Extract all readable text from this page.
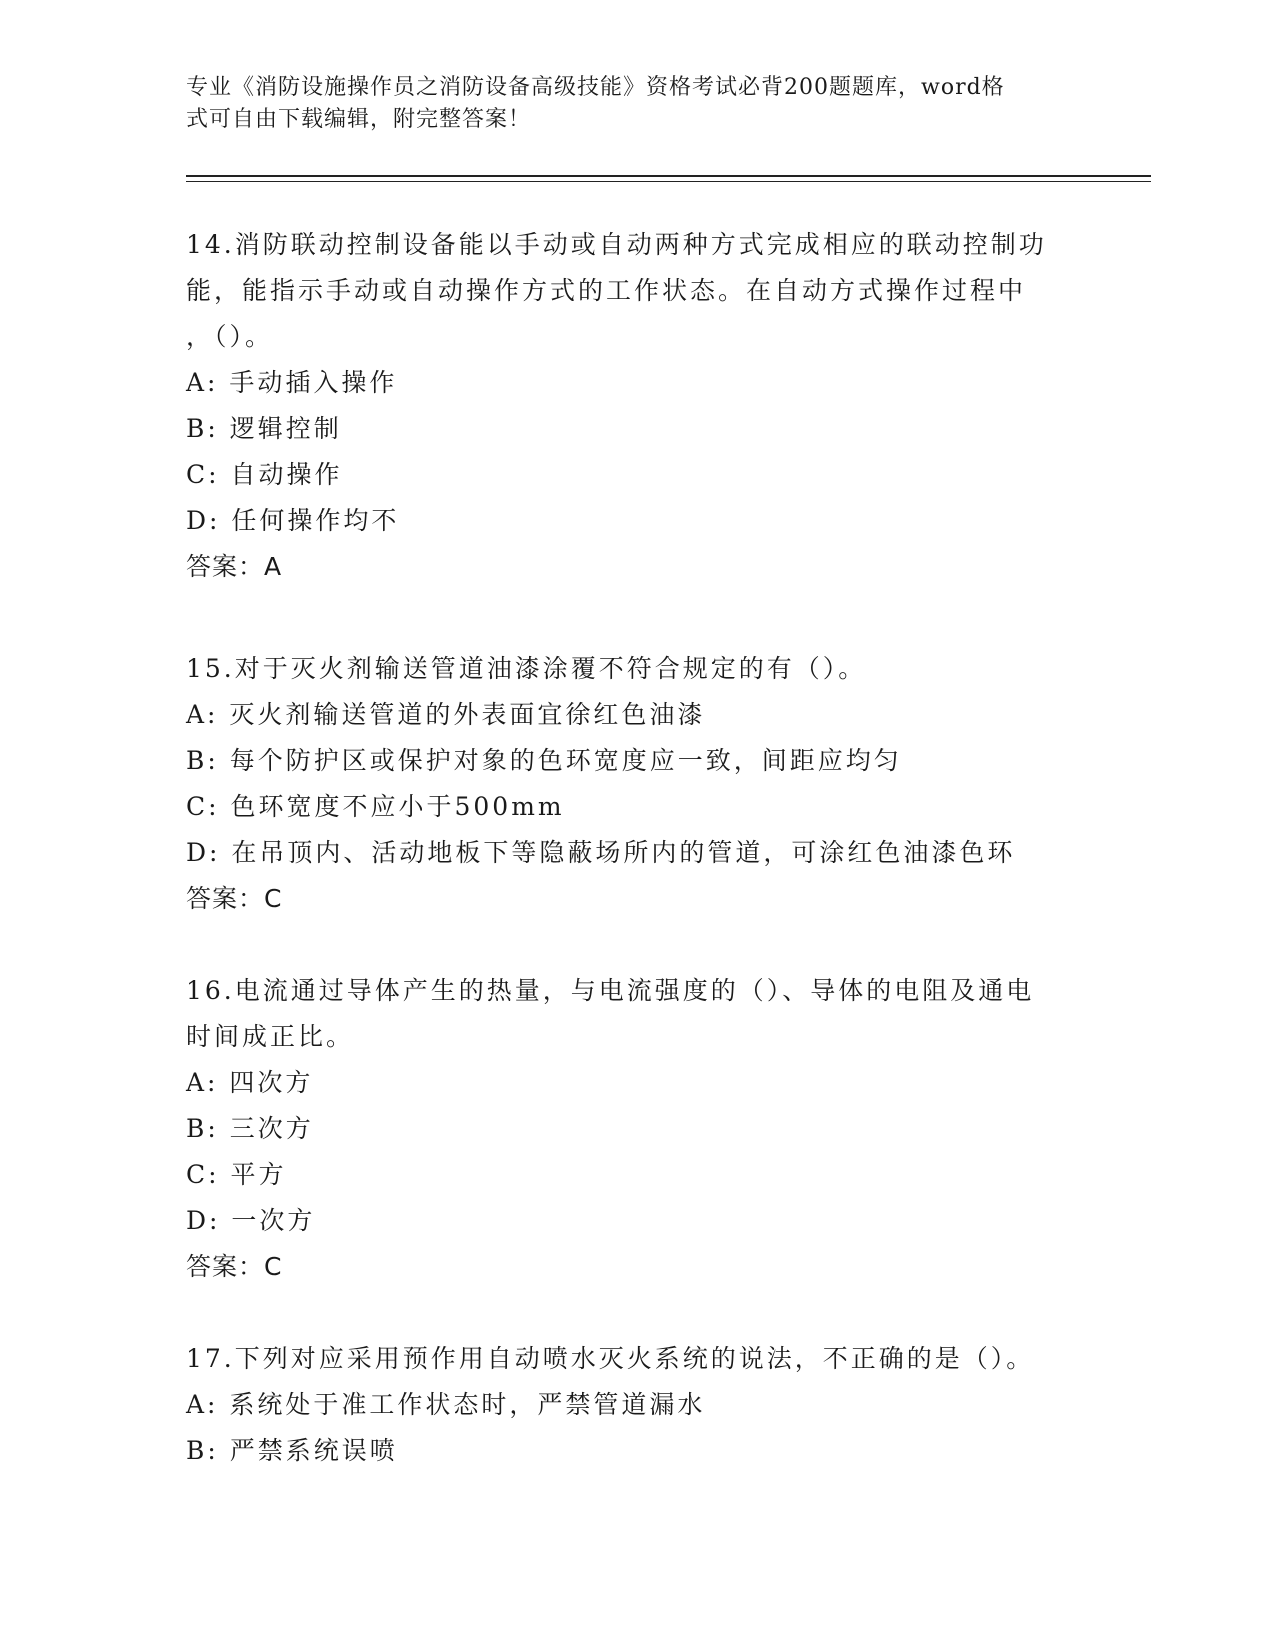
专业《消防设施操作员之消防设备高级技能》资格考试必背200题题库，word格
式可自由下载编辑，附完整答案！
14.消防联动控制设备能以手动或自动两种方式完成相应的联动控制功
能，能指示手动或自动操作方式的工作状态。在自动方式操作过程中
，（）。
A: 手动插入操作
B: 逻辑控制
C: 自动操作
D: 任何操作均不
答案：A
15.对于灭火剂输送管道油漆涂覆不符合规定的有（）。
A: 灭火剂输送管道的外表面宜徐红色油漆
B: 每个防护区或保护对象的色环宽度应一致，间距应均匀
C: 色环宽度不应小于500mm
D: 在吊顶内、活动地板下等隐蔽场所内的管道，可涂红色油漆色环
答案：C
16.电流通过导体产生的热量，与电流强度的（）、导体的电阻及通电
时间成正比。
A: 四次方
B: 三次方
C: 平方
D: 一次方
答案：C
17.下列对应采用预作用自动喷水灭火系统的说法，不正确的是（）。
A: 系统处于准工作状态时，严禁管道漏水
B: 严禁系统误喷
